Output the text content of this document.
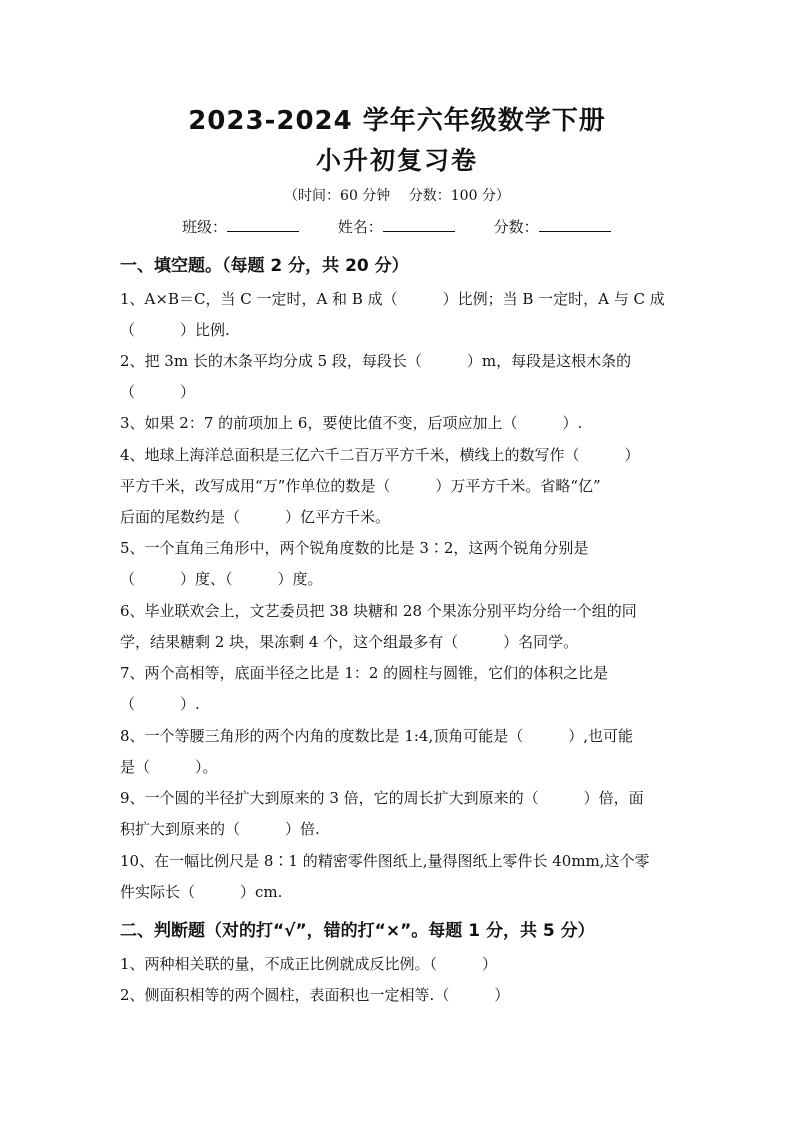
2023-2024 学年六年级数学下册
小升初复习卷
（时间：60 分钟　 分数：100 分）
班级：	姓名：	分数：
一、填空题。（每题 2 分，共 20 分）
1、A×B＝C，当 C 一定时，A 和 B 成（　　　）比例；当 B 一定时，A 与 C 成
（　　　）比例.
2、把 3m 长的木条平均分成 5 段，每段长（　　　）m，每段是这根木条的
（　　　）
3、如果 2：7 的前项加上 6，要使比值不变，后项应加上（　　　）.
4、地球上海洋总面积是三亿六千二百万平方千米，横线上的数写作（　　　）
平方千米，改写成用“万”作单位的数是（　　　）万平方千米。省略“亿”
后面的尾数约是（　　　）亿平方千米。
5、一个直角三角形中，两个锐角度数的比是 3∶2，这两个锐角分别是
（　　　）度、（　　　）度。
6、毕业联欢会上，文艺委员把 38 块糖和 28 个果冻分别平均分给一个组的同
学，结果糖剩 2 块，果冻剩 4 个，这个组最多有（　　　）名同学。
7、两个高相等，底面半径之比是 1：2 的圆柱与圆锥，它们的体积之比是
（　　　）.
8、一个等腰三角形的两个内角的度数比是 1:4,顶角可能是（　　　）,也可能
是（　　　）。
9、一个圆的半径扩大到原来的 3 倍，它的周长扩大到原来的（　　　）倍，面
积扩大到原来的（　　　）倍.
10、在一幅比例尺是 8∶1 的精密零件图纸上,量得图纸上零件长 40mm,这个零
件实际长（　　　）cm.
二、判断题（对的打“√”，错的打“×”。每题 1 分，共 5 分）
1、两种相关联的量，不成正比例就成反比例。（　　　）
2、侧面积相等的两个圆柱，表面积也一定相等.（　　　）
